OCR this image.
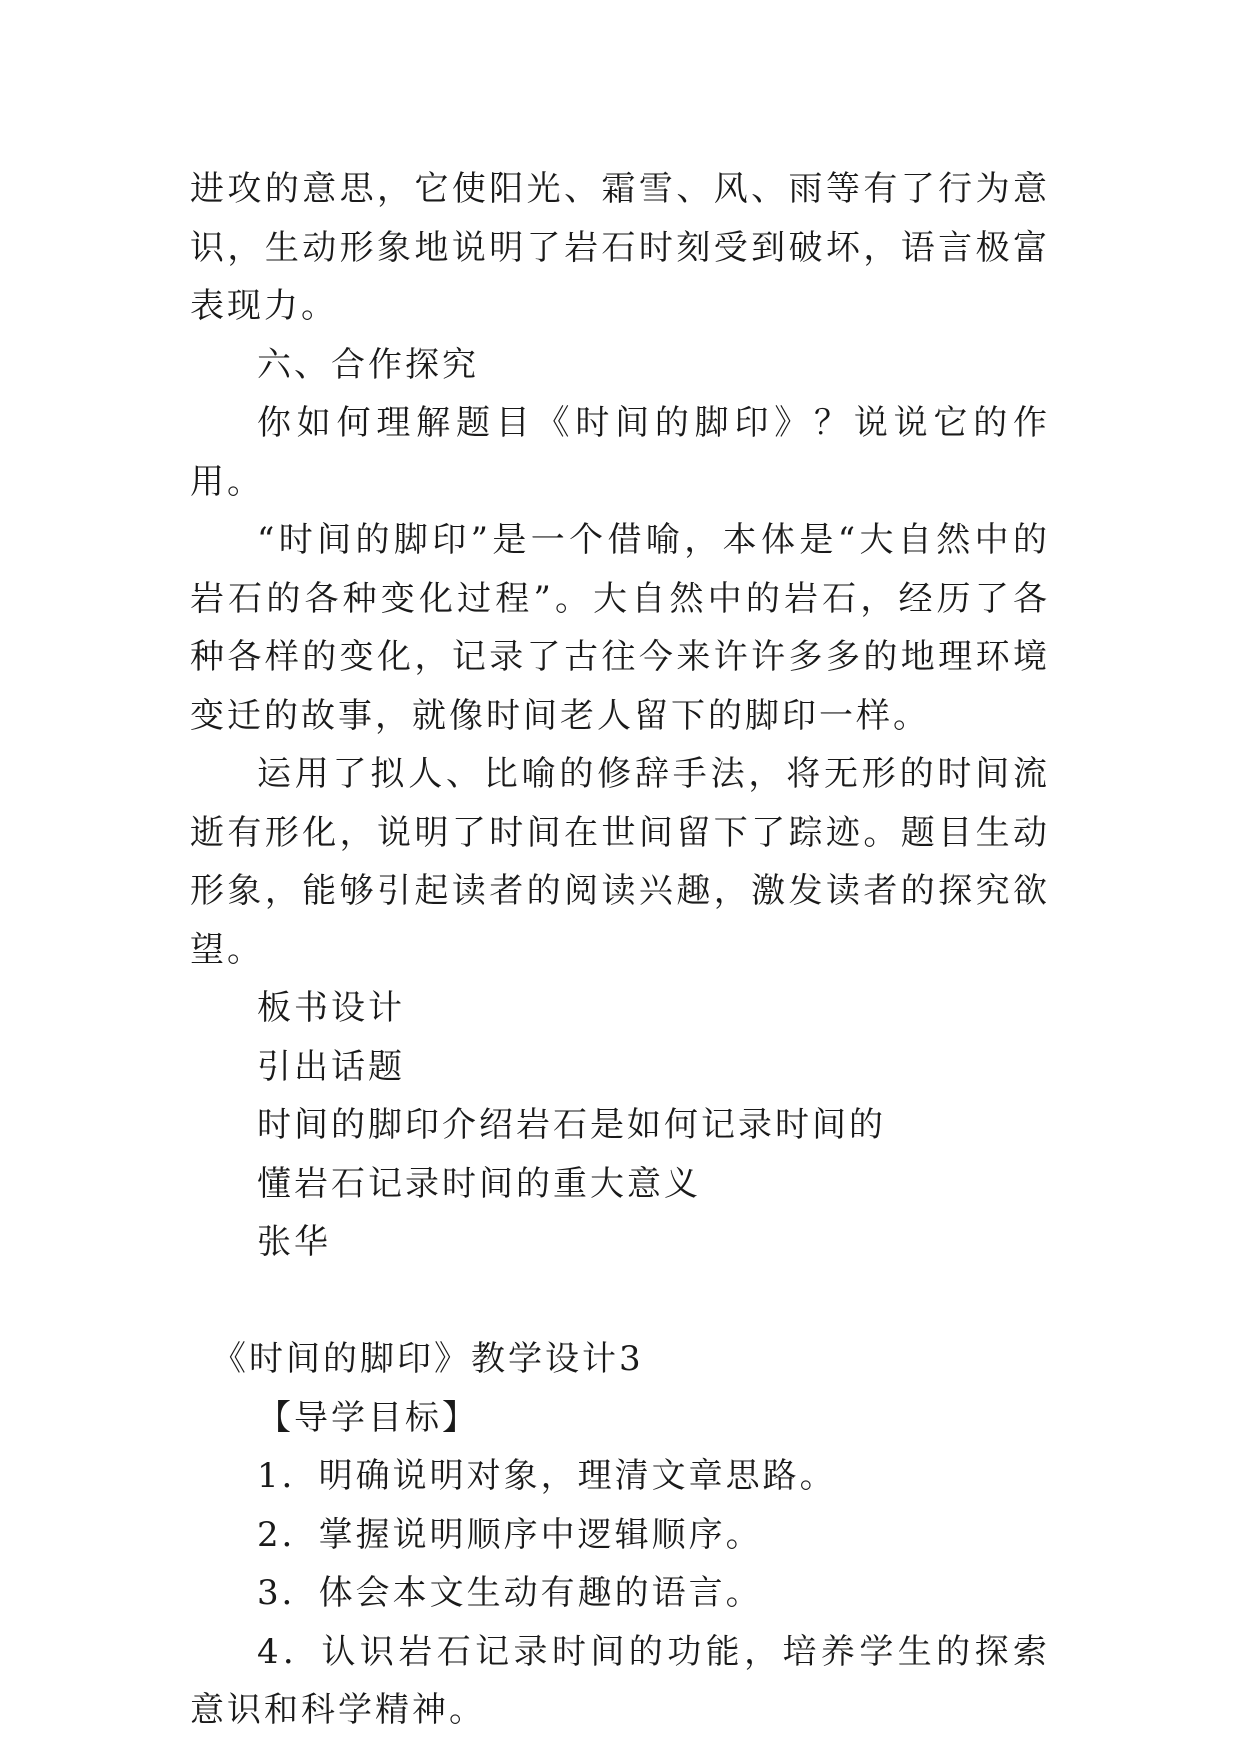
进攻的意思，它使阳光、霜雪、风、雨等有了行为意识，生动形象地说明了岩石时刻受到破坏，语言极富表现力。

六、合作探究

你如何理解题目《时间的脚印》？说说它的作用。

“时间的脚印”是一个借喻，本体是“大自然中的岩石的各种变化过程”。大自然中的岩石，经历了各种各样的变化，记录了古往今来许许多多的地理环境变迁的故事，就像时间老人留下的脚印一样。

运用了拟人、比喻的修辞手法，将无形的时间流逝有形化，说明了时间在世间留下了踪迹。题目生动形象，能够引起读者的阅读兴趣，激发读者的探究欲望。

板书设计

引出话题

时间的脚印介绍岩石是如何记录时间的

懂岩石记录时间的重大意义

张华

《时间的脚印》教学设计3

【导学目标】

1．明确说明对象，理清文章思路。

2．掌握说明顺序中逻辑顺序。

3．体会本文生动有趣的语言。

4．认识岩石记录时间的功能，培养学生的探索意识和科学精神。
